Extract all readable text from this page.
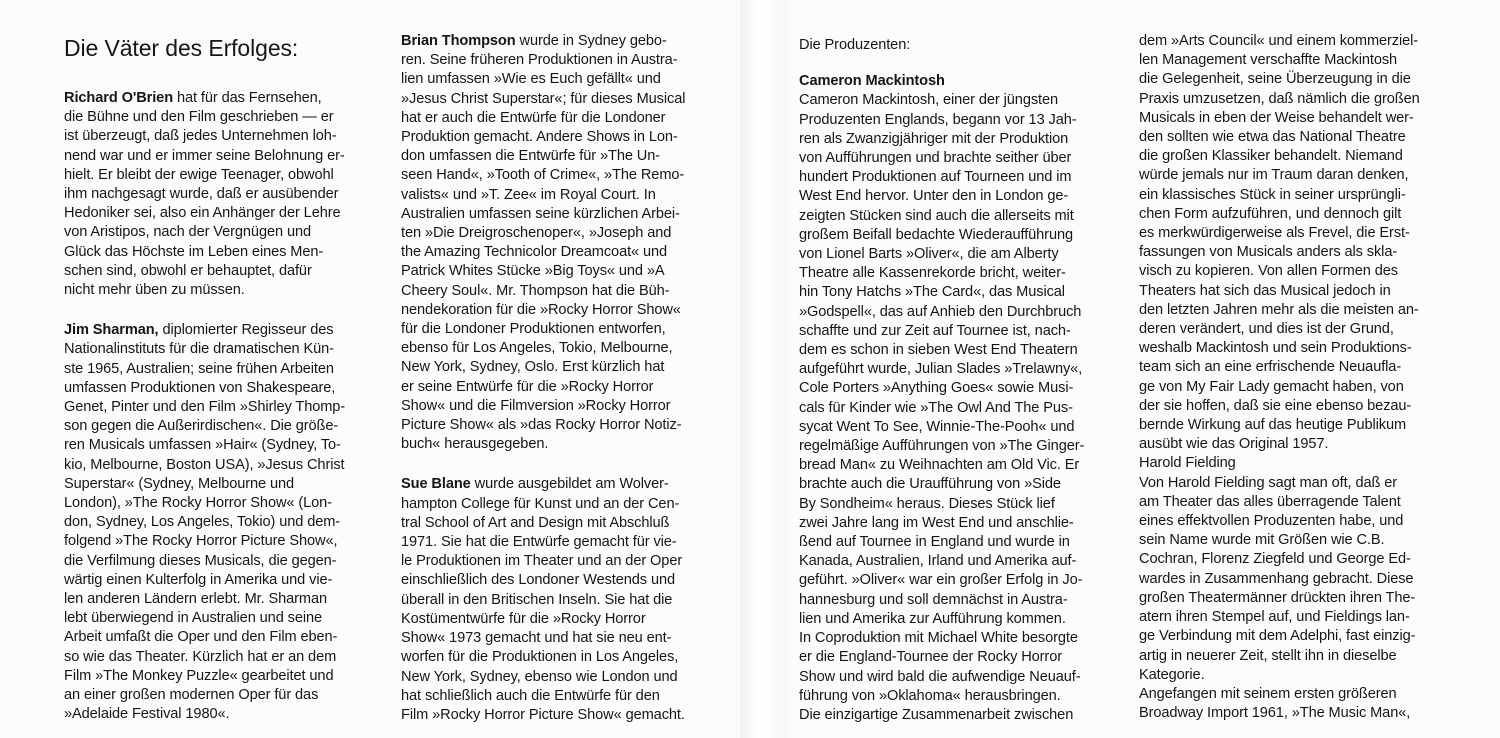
Die Väter des Erfolges:

Richard O'Brien hat für das Fernsehen,
die Bühne und den Film geschrieben — er
ist überzeugt, daß jedes Unternehmen loh-
nend war und er immer seine Belohnung er-
hielt. Er bleibt der ewige Teenager, obwohl
ihm nachgesagt wurde, daß er ausübender
Hedoniker sei, also ein Anhänger der Lehre
von Aristipos, nach der Vergnügen und
Glück das Höchste im Leben eines Men-
schen sind, obwohl er behauptet, dafür
nicht mehr üben zu müssen.
Jim Sharman, diplomierter Regisseur des
Nationalinstituts für die dramatischen Kün-
ste 1965, Australien; seine frühen Arbeiten
umfassen Produktionen von Shakespeare,
Genet, Pinter und den Film »Shirley Thomp-
son gegen die Außerirdischen«. Die größe-
ren Musicals umfassen »Hair« (Sydney, To-
kio, Melbourne, Boston USA), »Jesus Christ
Superstar« (Sydney, Melbourne und
London), »The Rocky Horror Show« (Lon-
don, Sydney, Los Angeles, Tokio) und dem-
folgend »The Rocky Horror Picture Show«,
die Verfilmung dieses Musicals, die gegen-
wärtig einen Kulterfolg in Amerika und vie-
len anderen Ländern erlebt. Mr. Sharman
lebt überwiegend in Australien und seine
Arbeit umfaßt die Oper und den Film eben-
so wie das Theater. Kürzlich hat er an dem
Film »The Monkey Puzzle« gearbeitet und
an einer großen modernen Oper für das
»Adelaide Festival 1980«.
Brian Thompson wurde in Sydney gebo-
ren. Seine früheren Produktionen in Austra-
lien umfassen »Wie es Euch gefällt« und
»Jesus Christ Superstar«; für dieses Musical
hat er auch die Entwürfe für die Londoner
Produktion gemacht. Andere Shows in Lon-
don umfassen die Entwürfe für »The Un-
seen Hand«, »Tooth of Crime«, »The Remo-
valists« und »T. Zee« im Royal Court. In
Australien umfassen seine kürzlichen Arbei-
ten »Die Dreigroschenoper«, »Joseph and
the Amazing Technicolor Dreamcoat« und
Patrick Whites Stücke »Big Toys« und »A
Cheery Soul«. Mr. Thompson hat die Büh-
nendekoration für die »Rocky Horror Show«
für die Londoner Produktionen entworfen,
ebenso für Los Angeles, Tokio, Melbourne,
New York, Sydney, Oslo. Erst kürzlich hat
er seine Entwürfe für die »Rocky Horror
Show« und die Filmversion »Rocky Horror
Picture Show« als »das Rocky Horror Notiz-
buch« herausgegeben.
Sue Blane wurde ausgebildet am Wolver-
hampton College für Kunst und an der Cen-
tral School of Art and Design mit Abschluß
1971. Sie hat die Entwürfe gemacht für vie-
le Produktionen im Theater und an der Oper
einschließlich des Londoner Westends und
überall in den Britischen Inseln. Sie hat die
Kostümentwürfe für die »Rocky Horror
Show« 1973 gemacht und hat sie neu ent-
worfen für die Produktionen in Los Angeles,
New York, Sydney, ebenso wie London und
hat schließlich auch die Entwürfe für den
Film »Rocky Horror Picture Show« gemacht.

Die Produzenten:

Cameron Mackintosh
Cameron Mackintosh, einer der jüngsten
Produzenten Englands, begann vor 13 Jah-
ren als Zwanzigjähriger mit der Produktion
von Aufführungen und brachte seither über
hundert Produktionen auf Tourneen und im
West End hervor. Unter den in London ge-
zeigten Stücken sind auch die allerseits mit
großem Beifall bedachte Wiederaufführung
von Lionel Barts »Oliver«, die am Alberty
Theatre alle Kassenrekorde bricht, weiter-
hin Tony Hatchs »The Card«, das Musical
»Godspell«, das auf Anhieb den Durchbruch
schaffte und zur Zeit auf Tournee ist, nach-
dem es schon in sieben West End Theatern
aufgeführt wurde, Julian Slades »Trelawny«,
Cole Porters »Anything Goes« sowie Musi-
cals für Kinder wie »The Owl And The Pus-
sycat Went To See, Winnie-The-Pooh« und
regelmäßige Aufführungen von »The Ginger-
bread Man« zu Weihnachten am Old Vic. Er
brachte auch die Uraufführung von »Side
By Sondheim« heraus. Dieses Stück lief
zwei Jahre lang im West End und anschlie-
ßend auf Tournee in England und wurde in
Kanada, Australien, Irland und Amerika auf-
geführt. »Oliver« war ein großer Erfolg in Jo-
hannesburg und soll demnächst in Austra-
lien und Amerika zur Aufführung kommen.
In Coproduktion mit Michael White besorgte
er die England-Tournee der Rocky Horror
Show und wird bald die aufwendige Neuauf-
führung von »Oklahoma« herausbringen.
Die einzigartige Zusammenarbeit zwischen
dem »Arts Council« und einem kommerziel-
len Management verschaffte Mackintosh
die Gelegenheit, seine Überzeugung in die
Praxis umzusetzen, daß nämlich die großen
Musicals in eben der Weise behandelt wer-
den sollten wie etwa das National Theatre
die großen Klassiker behandelt. Niemand
würde jemals nur im Traum daran denken,
ein klassisches Stück in seiner ursprüngli-
chen Form aufzuführen, und dennoch gilt
es merkwürdigerweise als Frevel, die Erst-
fassungen von Musicals anders als skla-
visch zu kopieren. Von allen Formen des
Theaters hat sich das Musical jedoch in
den letzten Jahren mehr als die meisten an-
deren verändert, und dies ist der Grund,
weshalb Mackintosh und sein Produktions-
team sich an eine erfrischende Neuaufla-
ge von My Fair Lady gemacht haben, von
der sie hoffen, daß sie eine ebenso bezau-
bernde Wirkung auf das heutige Publikum
ausübt wie das Original 1957.
Harold Fielding
Von Harold Fielding sagt man oft, daß er
am Theater das alles überragende Talent
eines effektvollen Produzenten habe, und
sein Name wurde mit Größen wie C.B.
Cochran, Florenz Ziegfeld und George Ed-
wardes in Zusammenhang gebracht. Diese
großen Theatermänner drückten ihren The-
atern ihren Stempel auf, und Fieldings lan-
ge Verbindung mit dem Adelphi, fast einzig-
artig in neuerer Zeit, stellt ihn in dieselbe
Kategorie.
Angefangen mit seinem ersten größeren
Broadway Import 1961, »The Music Man«,
